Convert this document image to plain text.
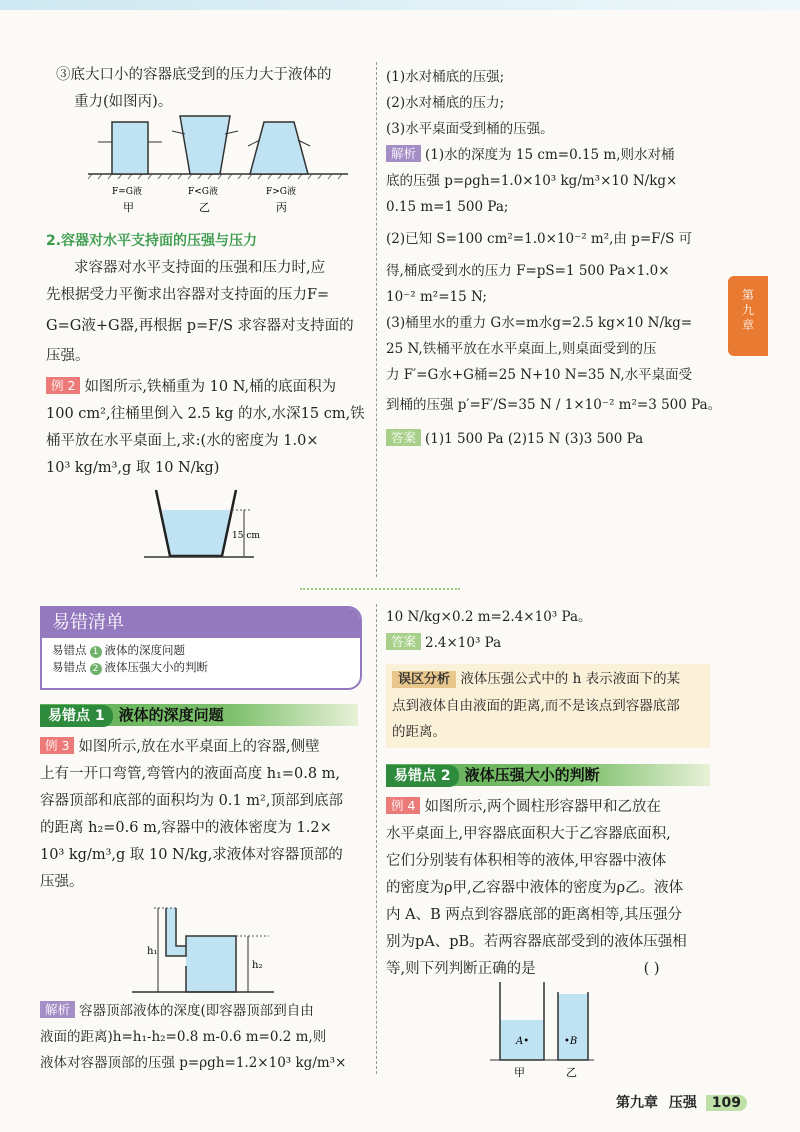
③底大口小的容器底受到的压力大于液体的
重力(如图丙)。
F=G液	F<G液	F>G液
甲	乙	丙
2.容器对水平支持面的压强与压力
求容器对水平支持面的压强和压力时,应
先根据受力平衡求出容器对支持面的压力F=
G=G液+G器,再根据 p=F/S 求容器对支持面的
压强。
例 2 如图所示,铁桶重为 10 N,桶的底面积为
100 cm²,往桶里倒入 2.5 kg 的水,水深15 cm,铁
桶平放在水平桌面上,求:(水的密度为 1.0×
10³ kg/m³,g 取 10 N/kg)
15 cm
(1)水对桶底的压强;
(2)水对桶底的压力;
(3)水平桌面受到桶的压强。
解析 (1)水的深度为 15 cm=0.15 m,则水对桶
底的压强 p=ρgh=1.0×10³ kg/m³×10 N/kg×
0.15 m=1 500 Pa;
(2)已知 S=100 cm²=1.0×10⁻² m²,由 p=F/S 可
得,桶底受到水的压力 F=pS=1 500 Pa×1.0×
10⁻² m²=15 N;
(3)桶里水的重力 G水=m水g=2.5 kg×10 N/kg=
25 N,铁桶平放在水平桌面上,则桌面受到的压
力 F′=G水+G桶=25 N+10 N=35 N,水平桌面受
到桶的压强 p′=F′/S=35 N / 1×10⁻² m²=3 500 Pa。
答案 (1)1 500 Pa (2)15 N (3)3 500 Pa
第九章
易错清单
易错点 1 液体的深度问题
易错点 2 液体压强大小的判断
易错点 1 液体的深度问题
例 3 如图所示,放在水平桌面上的容器,侧壁
上有一开口弯管,弯管内的液面高度 h₁=0.8 m,
容器顶部和底部的面积均为 0.1 m²,顶部到底部
的距离 h₂=0.6 m,容器中的液体密度为 1.2×
10³ kg/m³,g 取 10 N/kg,求液体对容器顶部的
压强。
h₁
h₂
解析 容器顶部液体的深度(即容器顶部到自由
液面的距离)h=h₁-h₂=0.8 m-0.6 m=0.2 m,则
液体对容器顶部的压强 p=ρgh=1.2×10³ kg/m³×
10 N/kg×0.2 m=2.4×10³ Pa。
答案 2.4×10³ Pa
误区分析 液体压强公式中的 h 表示液面下的某
点到液体自由液面的距离,而不是该点到容器底部
的距离。
易错点 2 液体压强大小的判断
例 4 如图所示,两个圆柱形容器甲和乙放在
水平桌面上,甲容器底面积大于乙容器底面积,
它们分别装有体积相等的液体,甲容器中液体
的密度为ρ甲,乙容器中液体的密度为ρ乙。液体
内 A、B 两点到容器底部的距离相等,其压强分
别为pA、pB。若两容器底部受到的液体压强相
等,则下列判断正确的是	( )
A•	•B
甲	乙
第九章 压强 109
